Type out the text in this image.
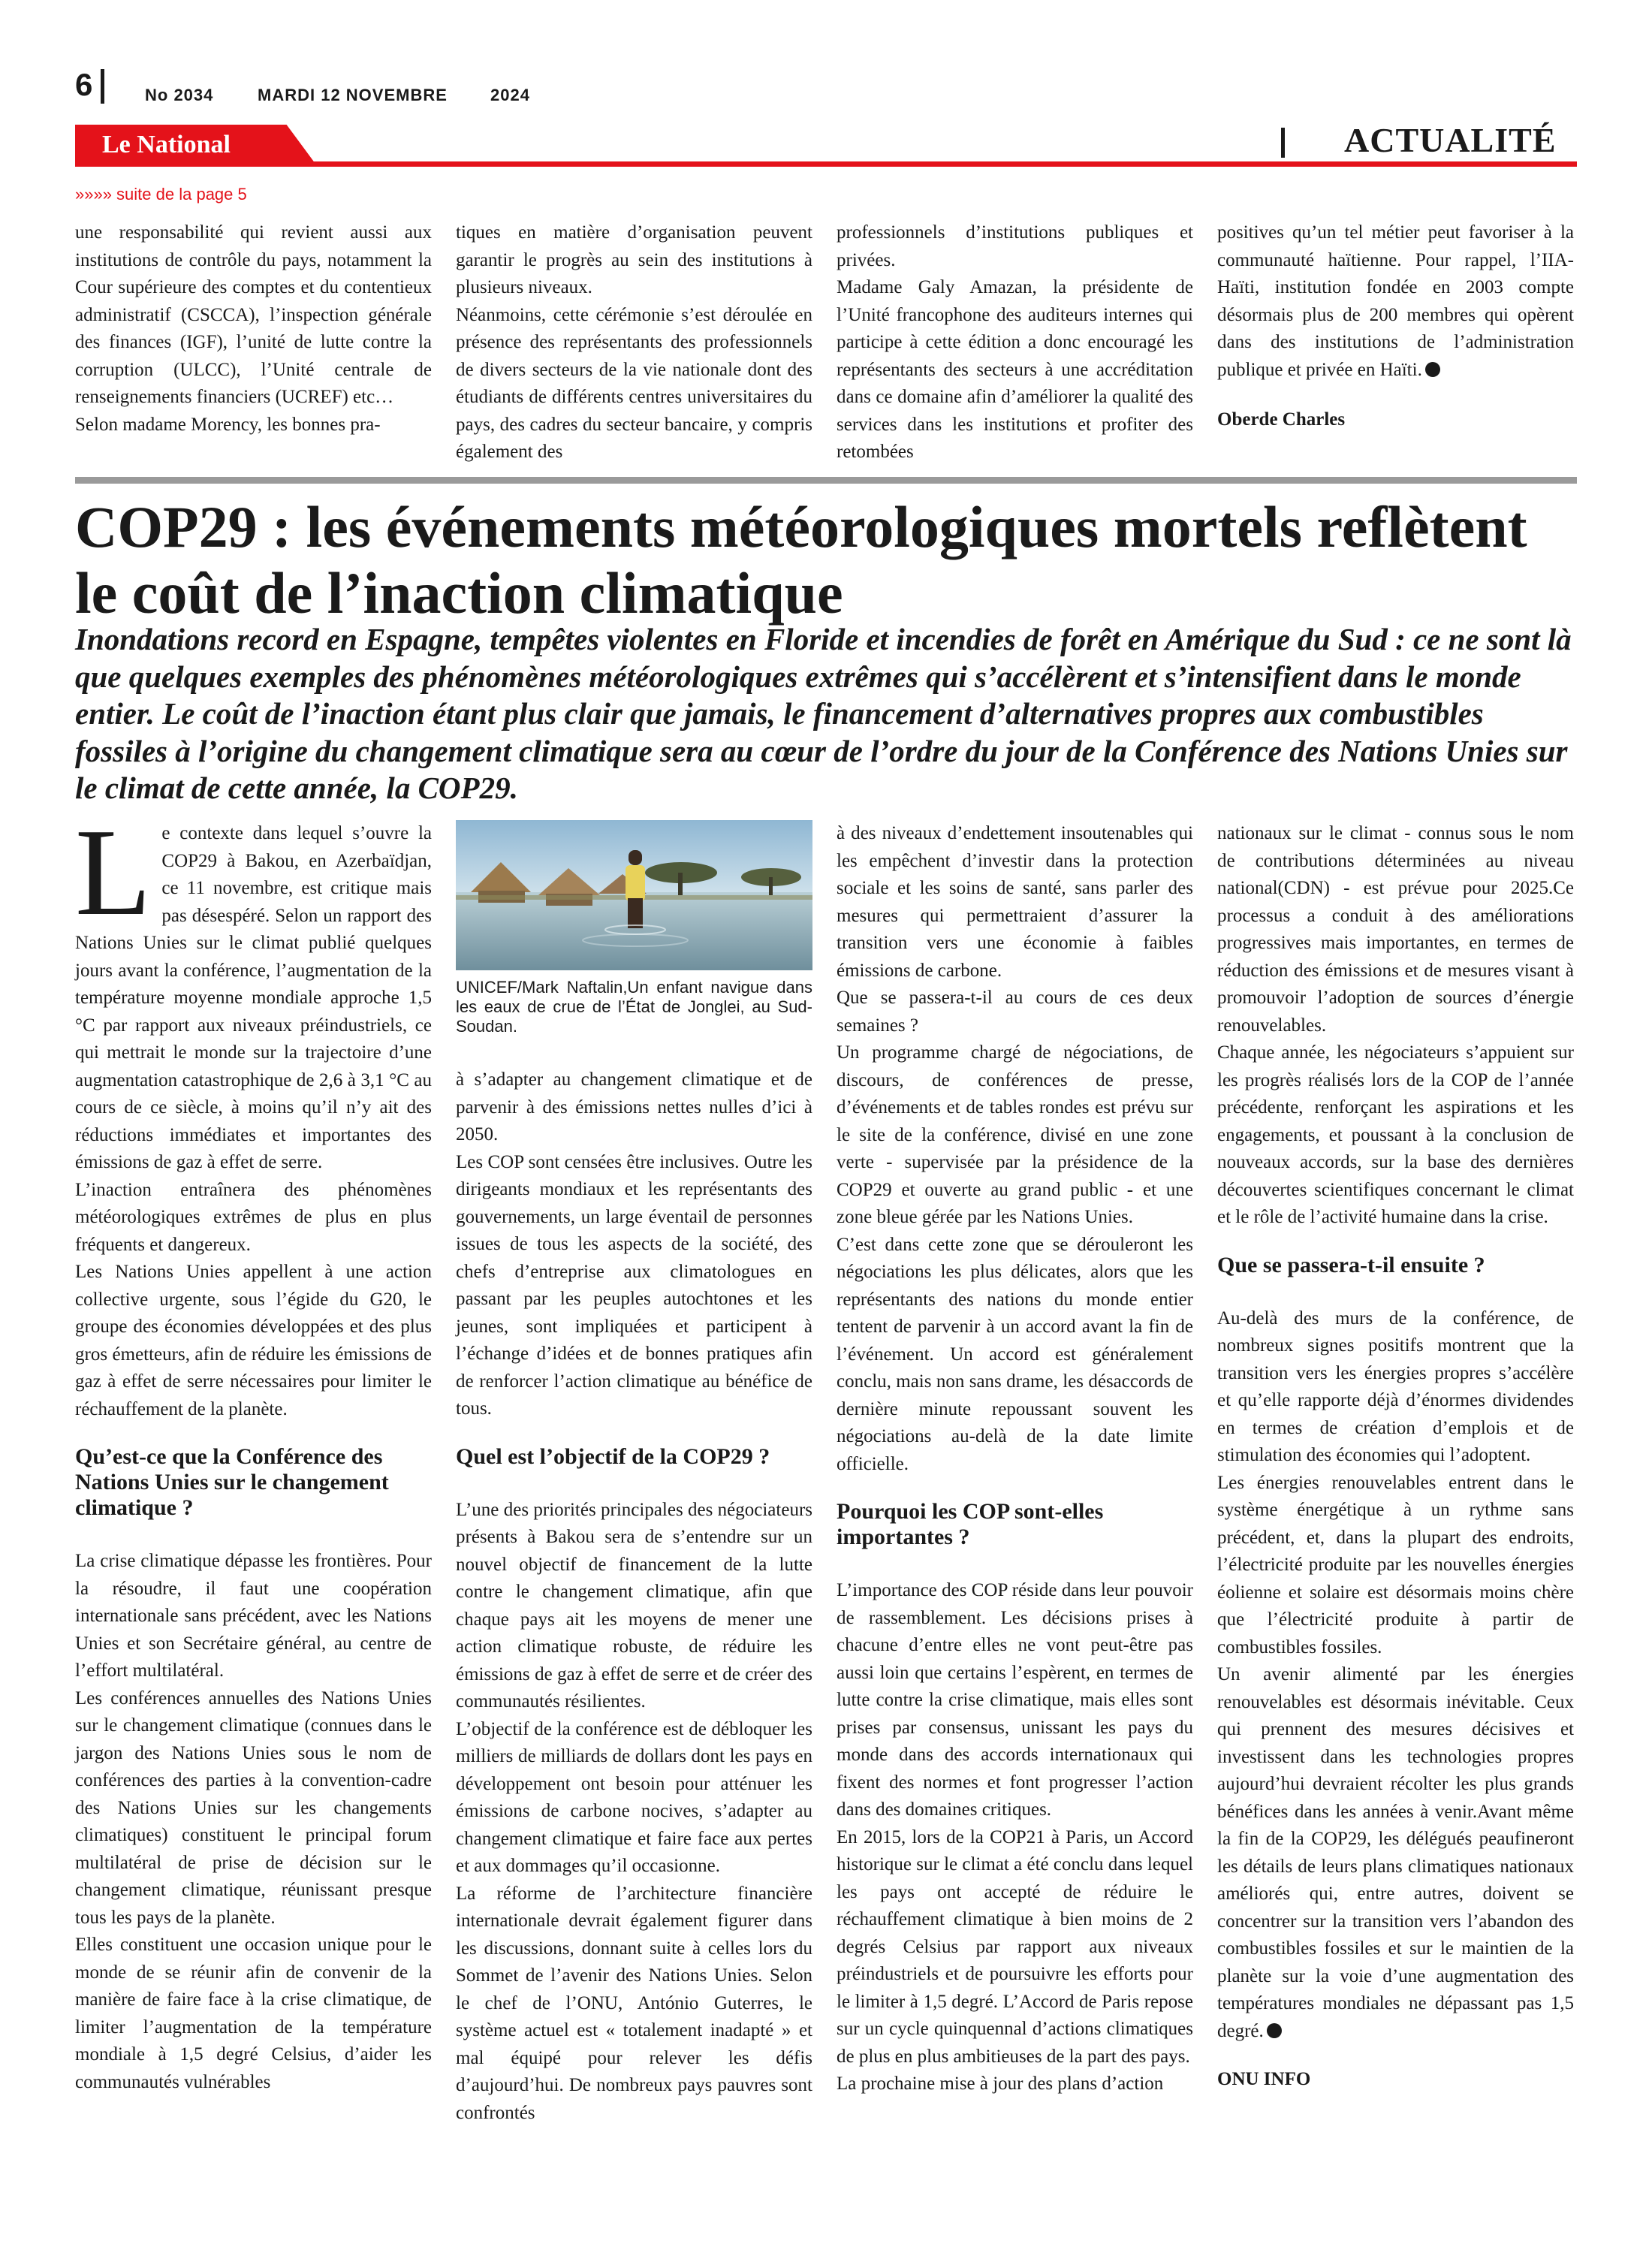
6	No 2034	MARDI 12 NOVEMBRE	2024
Le National	ACTUALITÉ
»»»» suite de la page 5

une responsabilité qui revient aussi aux institutions de contrôle du pays, notamment la Cour supérieure des comptes et du contentieux administratif (CSCCA), l’inspection générale des finances (IGF), l’unité de lutte contre la corruption (ULCC), l’Unité centrale de renseignements financiers (UCREF) etc…

Selon madame Morency, les bonnes pra-

tiques en matière d’organisation peuvent garantir le progrès au sein des institutions à plusieurs niveaux.

Néanmoins, cette cérémonie s’est déroulée en présence des représentants des professionnels de divers secteurs de la vie nationale dont des étudiants de différents centres universitaires du pays, des cadres du secteur bancaire, y compris également des

professionnels d’institutions publiques et privées.

Madame Galy Amazan, la présidente de l’Unité francophone des auditeurs internes qui participe à cette édition a donc encouragé les représentants des secteurs à une accréditation dans ce domaine afin d’améliorer la qualité des services dans les institutions et profiter des retombées

positives qu’un tel métier peut favoriser à la communauté haïtienne. Pour rappel, l’IIA-Haïti, institution fondée en 2003 compte désormais plus de 200 membres qui opèrent dans des institutions de l’administration publique et privée en Haïti.

Oberde Charles

COP29 : les événements météorologiques mortels reflètent le coût de l’inaction climatique
Inondations record en Espagne, tempêtes violentes en Floride et incendies de forêt en Amérique du Sud : ce ne sont là que quelques exemples des phénomènes météorologiques extrêmes qui s’accélèrent et s’intensifient dans le monde entier. Le coût de l’inaction étant plus clair que jamais, le financement d’alternatives propres aux combustibles fossiles à l’origine du changement climatique sera au cœur de l’ordre du jour de la Conférence des Nations Unies sur le climat de cette année, la COP29.

Le contexte dans lequel s’ouvre la COP29 à Bakou, en Azerbaïdjan, ce 11 novembre, est critique mais pas désespéré. Selon un rapport des Nations Unies sur le climat publié quelques jours avant la conférence, l’augmentation de la température moyenne mondiale approche 1,5 °C par rapport aux niveaux préindustriels, ce qui mettrait le monde sur la trajectoire d’une augmentation catastrophique de 2,6 à 3,1 °C au cours de ce siècle, à moins qu’il n’y ait des réductions immédiates et importantes des émissions de gaz à effet de serre.

L’inaction entraînera des phénomènes météorologiques extrêmes de plus en plus fréquents et dangereux.

Les Nations Unies appellent à une action collective urgente, sous l’égide du G20, le groupe des économies développées et des plus gros émetteurs, afin de réduire les émissions de gaz à effet de serre nécessaires pour limiter le réchauffement de la planète.

Qu’est-ce que la Conférence des Nations Unies sur le changement climatique ?

La crise climatique dépasse les frontières. Pour la résoudre, il faut une coopération internationale sans précédent, avec les Nations Unies et son Secrétaire général, au centre de l’effort multilatéral.

Les conférences annuelles des Nations Unies sur le changement climatique (connues dans le jargon des Nations Unies sous le nom de conférences des parties à la convention-cadre des Nations Unies sur les changements climatiques) constituent le principal forum multilatéral de prise de décision sur le changement climatique, réunissant presque tous les pays de la planète.

Elles constituent une occasion unique pour le monde de se réunir afin de convenir de la manière de faire face à la crise climatique, de limiter l’augmentation de la température mondiale à 1,5 degré Celsius, d’aider les communautés vulnérables

UNICEF/Mark Naftalin,Un enfant navigue dans les eaux de crue de l’État de Jonglei, au Sud-Soudan.

à s’adapter au changement climatique et de parvenir à des émissions nettes nulles d’ici à 2050.

Les COP sont censées être inclusives. Outre les dirigeants mondiaux et les représentants des gouvernements, un large éventail de personnes issues de tous les aspects de la société, des chefs d’entreprise aux climatologues en passant par les peuples autochtones et les jeunes, sont impliquées et participent à l’échange d’idées et de bonnes pratiques afin de renforcer l’action climatique au bénéfice de tous.

Quel est l’objectif de la COP29 ?

L’une des priorités principales des négociateurs présents à Bakou sera de s’entendre sur un nouvel objectif de financement de la lutte contre le changement climatique, afin que chaque pays ait les moyens de mener une action climatique robuste, de réduire les émissions de gaz à effet de serre et de créer des communautés résilientes.

L’objectif de la conférence est de débloquer les milliers de milliards de dollars dont les pays en développement ont besoin pour atténuer les émissions de carbone nocives, s’adapter au changement climatique et faire face aux pertes et aux dommages qu’il occasionne.

La réforme de l’architecture financière internationale devrait également figurer dans les discussions, donnant suite à celles lors du Sommet de l’avenir des Nations Unies. Selon le chef de l’ONU, António Guterres, le système actuel est « totalement inadapté » et mal équipé pour relever les défis d’aujourd’hui. De nombreux pays pauvres sont confrontés

à des niveaux d’endettement insoutenables qui les empêchent d’investir dans la protection sociale et les soins de santé, sans parler des mesures qui permettraient d’assurer la transition vers une économie à faibles émissions de carbone.

Que se passera-t-il au cours de ces deux semaines ?

Un programme chargé de négociations, de discours, de conférences de presse, d’événements et de tables rondes est prévu sur le site de la conférence, divisé en une zone verte - supervisée par la présidence de la COP29 et ouverte au grand public - et une zone bleue gérée par les Nations Unies.

C’est dans cette zone que se dérouleront les négociations les plus délicates, alors que les représentants des nations du monde entier tentent de parvenir à un accord avant la fin de l’événement. Un accord est généralement conclu, mais non sans drame, les désaccords de dernière minute repoussant souvent les négociations au-delà de la date limite officielle.

Pourquoi les COP sont-elles importantes ?

L’importance des COP réside dans leur pouvoir de rassemblement. Les décisions prises à chacune d’entre elles ne vont peut-être pas aussi loin que certains l’espèrent, en termes de lutte contre la crise climatique, mais elles sont prises par consensus, unissant les pays du monde dans des accords internationaux qui fixent des normes et font progresser l’action dans des domaines critiques.

En 2015, lors de la COP21 à Paris, un Accord historique sur le climat a été conclu dans lequel les pays ont accepté de réduire le réchauffement climatique à bien moins de 2 degrés Celsius par rapport aux niveaux préindustriels et de poursuivre les efforts pour le limiter à 1,5 degré. L’Accord de Paris repose sur un cycle quinquennal d’actions climatiques de plus en plus ambitieuses de la part des pays.

La prochaine mise à jour des plans d’action

nationaux sur le climat - connus sous le nom de contributions déterminées au niveau national(CDN) - est prévue pour 2025.Ce processus a conduit à des améliorations progressives mais importantes, en termes de réduction des émissions et de mesures visant à promouvoir l’adoption de sources d’énergie renouvelables.

Chaque année, les négociateurs s’appuient sur les progrès réalisés lors de la COP de l’année précédente, renforçant les aspirations et les engagements, et poussant à la conclusion de nouveaux accords, sur la base des dernières découvertes scientifiques concernant le climat et le rôle de l’activité humaine dans la crise.

Que se passera-t-il ensuite ?

Au-delà des murs de la conférence, de nombreux signes positifs montrent que la transition vers les énergies propres s’accélère et qu’elle rapporte déjà d’énormes dividendes en termes de création d’emplois et de stimulation des économies qui l’adoptent.

Les énergies renouvelables entrent dans le système énergétique à un rythme sans précédent, et, dans la plupart des endroits, l’électricité produite par les nouvelles énergies éolienne et solaire est désormais moins chère que l’électricité produite à partir de combustibles fossiles.

Un avenir alimenté par les énergies renouvelables est désormais inévitable. Ceux qui prennent des mesures décisives et investissent dans les technologies propres aujourd’hui devraient récolter les plus grands bénéfices dans les années à venir.Avant même la fin de la COP29, les délégués peaufineront les détails de leurs plans climatiques nationaux améliorés qui, entre autres, doivent se concentrer sur la transition vers l’abandon des combustibles fossiles et sur le maintien de la planète sur la voie d’une augmentation des températures mondiales ne dépassant pas 1,5 degré.

ONU INFO
